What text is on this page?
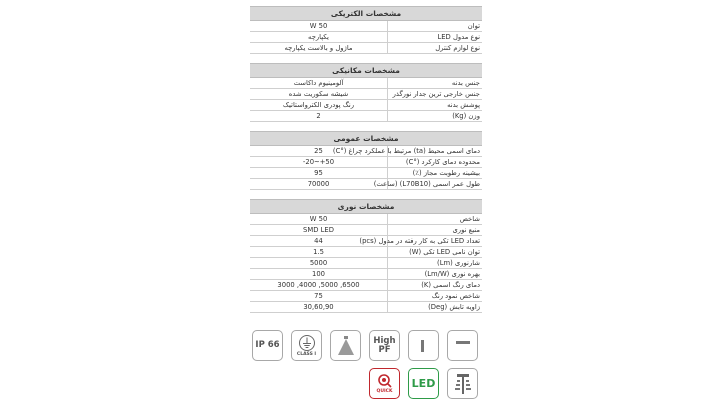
مشخصات الکتریکی
50 W	توان
یکپارچه	نوع مدول LED
ماژول و بالاست یکپارچه	نوع لوازم کنترل
مشخصات مکانیکی
آلومینیوم داکاست	جنس بدنه
شیشه سکوریت شده	جنس خارجی ترین جدار نورگذر
رنگ پودری الکترواستاتیک	پوشش بدنه
2	وزن (Kg)
مشخصات عمومی
25	دمای اسمی محیط (ta) مرتبط با عملکرد چراغ (°C)
-20~+50	محدوده دمای کارکرد (°C)
95	بیشینه رطوبت مجاز (٪)
70000	طول عمر اسمی (L70B10) (ساعت)
مشخصات نوری
50 W	شاخص
SMD LED	منبع نوری
44	تعداد LED تکی به کار رفته در مدول (pcs)
1.5	توان نامی LED تکی (W)
5000	شارنوری (Lm)
100	بهره نوری (Lm/W)
3000 ,4000 ,5000 ,6500	دمای رنگ اسمی (K)
75	شاخص نمود رنگ
30,60,90	زاویه تابش (Deg)
IP 66
CLASS I
High
PF
QUICK
LED
